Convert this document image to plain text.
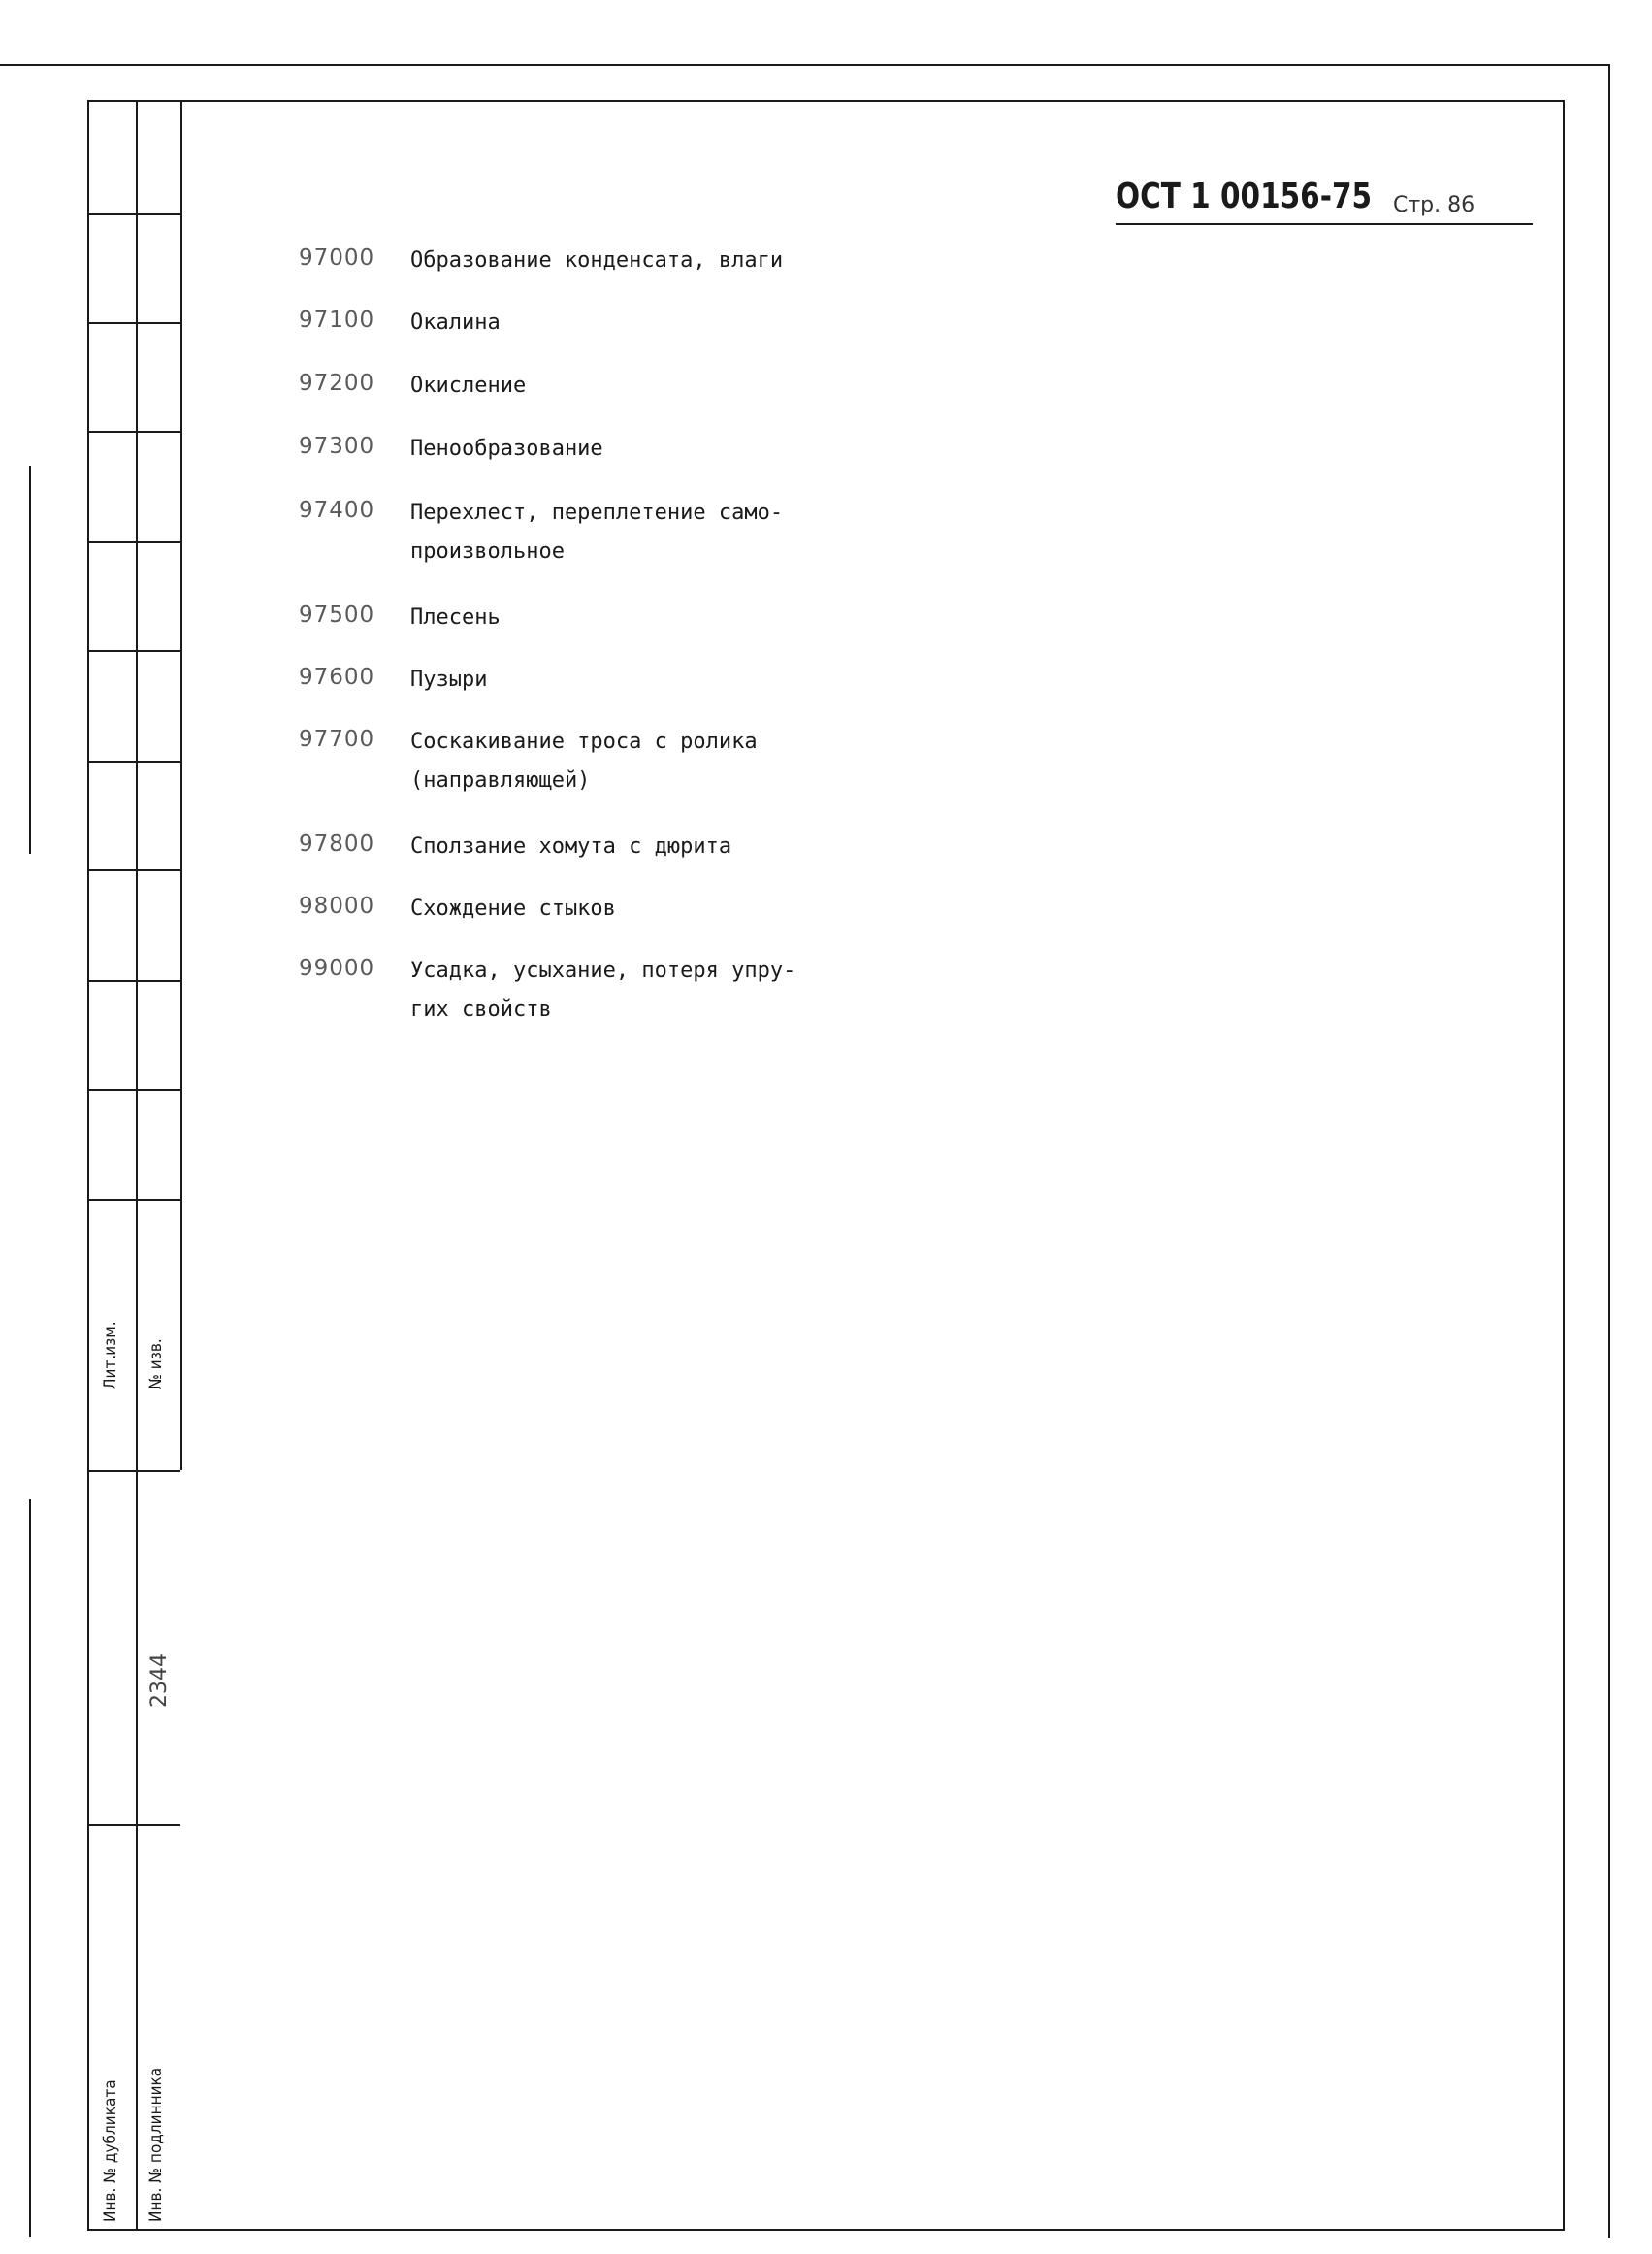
Лит.изм. № изв.
Инв. № дубликата Инв. № подлинника
2344
ОСТ 1 00156-75 Стр. 86
97000 Образование конденсата, влаги
97100 Окалина
97200 Окисление
97300 Пенообразование
97400 Перехлест, переплетение само-
произвольное
97500 Плесень
97600 Пузыри
97700 Соскакивание троса с ролика
(направляющей)
97800 Сползание хомута с дюрита
98000 Схождение стыков
99000 Усадка, усыхание, потеря упру-
гих свойств
